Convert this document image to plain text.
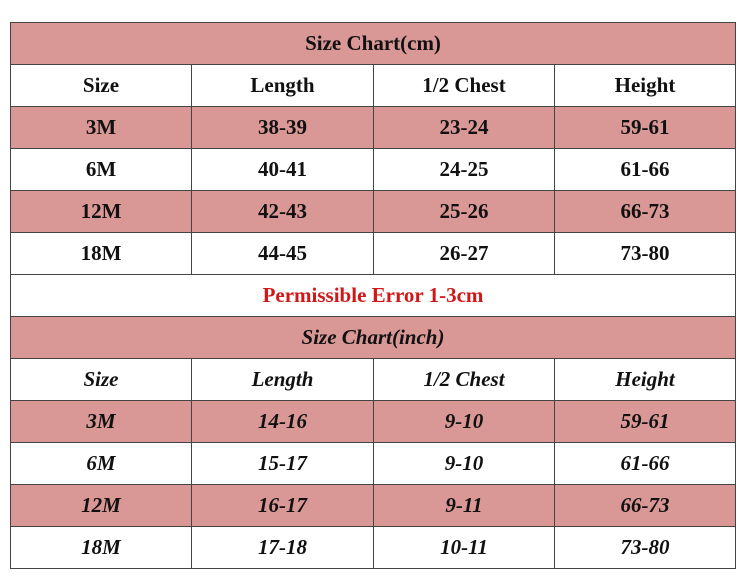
Size Chart(cm)			
Size	Length	1/2 Chest	Height
3M	38-39	23-24	59-61
6M	40-41	24-25	61-66
12M	42-43	25-26	66-73
18M	44-45	26-27	73-80
Permissible Error 1-3cm			
Size Chart(inch)			
Size	Length	1/2 Chest	Height
3M	14-16	9-10	59-61
6M	15-17	9-10	61-66
12M	16-17	9-11	66-73
18M	17-18	10-11	73-80
